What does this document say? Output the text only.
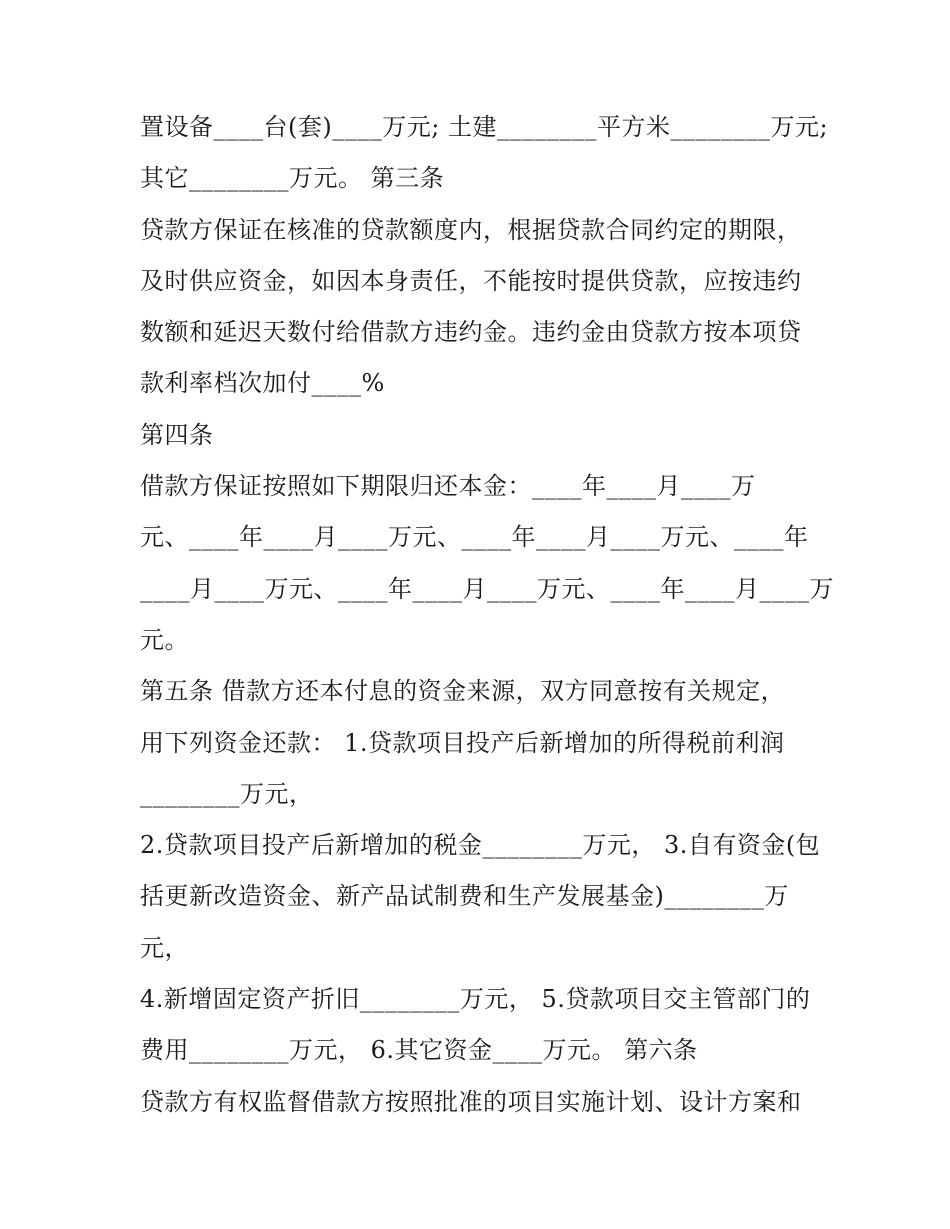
置设备____台(套)____万元; 土建________平方米________万元;
其它________万元。 第三条
贷款方保证在核准的贷款额度内，根据贷款合同约定的期限，
及时供应资金，如因本身责任，不能按时提供贷款，应按违约
数额和延迟天数付给借款方违约金。违约金由贷款方按本项贷
款利率档次加付____%
第四条
借款方保证按照如下期限归还本金：____年____月____万
元、____年____月____万元、____年____月____万元、____年
____月____万元、____年____月____万元、____年____月____万
元。
第五条 借款方还本付息的资金来源，双方同意按有关规定，
用下列资金还款： 1.贷款项目投产后新增加的所得税前利润
________万元，
2.贷款项目投产后新增加的税金________万元， 3.自有资金(包
括更新改造资金、新产品试制费和生产发展基金)________万
元，
4.新增固定资产折旧________万元， 5.贷款项目交主管部门的
费用________万元， 6.其它资金____万元。 第六条
贷款方有权监督借款方按照批准的项目实施计划、设计方案和
